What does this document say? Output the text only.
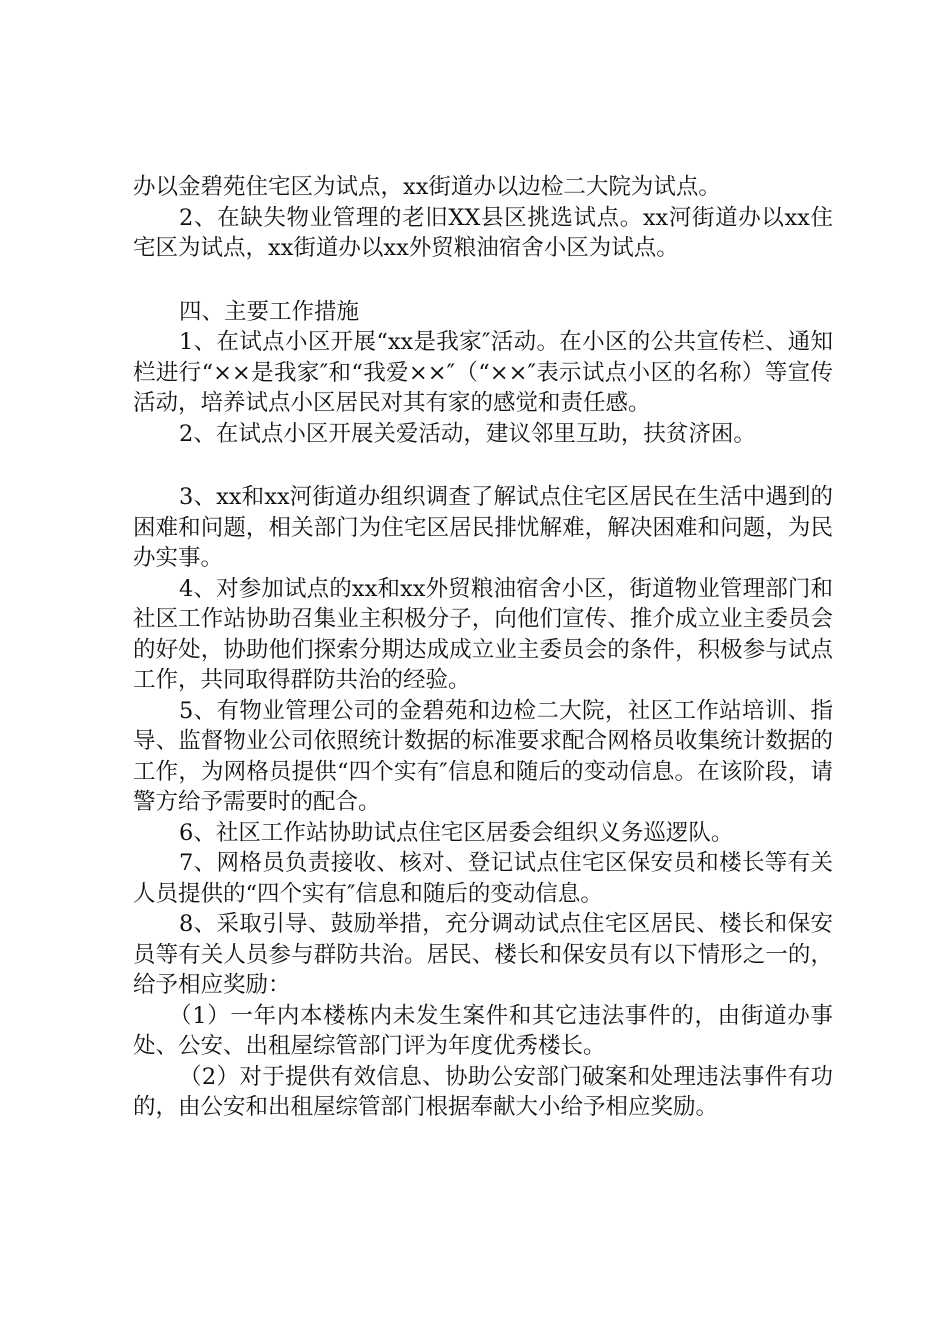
办以金碧苑住宅区为试点，xx街道办以边检二大院为试点。

2、在缺失物业管理的老旧XX县区挑选试点。xx河街道办以xx住宅区为试点，xx街道办以xx外贸粮油宿舍小区为试点。

四、主要工作措施

1、在试点小区开展“xx是我家″活动。在小区的公共宣传栏、通知栏进行“××是我家″和“我爱××″（“××″表示试点小区的名称）等宣传活动，培养试点小区居民对其有家的感觉和责任感。

2、在试点小区开展关爱活动，建议邻里互助，扶贫济困。

3、xx和xx河街道办组织调查了解试点住宅区居民在生活中遇到的困难和问题，相关部门为住宅区居民排忧解难，解决困难和问题，为民办实事。

4、对参加试点的xx和xx外贸粮油宿舍小区，街道物业管理部门和社区工作站协助召集业主积极分子，向他们宣传、推介成立业主委员会的好处，协助他们探索分期达成成立业主委员会的条件，积极参与试点工作，共同取得群防共治的经验。

5、有物业管理公司的金碧苑和边检二大院，社区工作站培训、指导、监督物业公司依照统计数据的标准要求配合网格员收集统计数据的工作，为网格员提供“四个实有″信息和随后的变动信息。在该阶段，请警方给予需要时的配合。

6、社区工作站协助试点住宅区居委会组织义务巡逻队。

7、网格员负责接收、核对、登记试点住宅区保安员和楼长等有关人员提供的“四个实有″信息和随后的变动信息。

8、采取引导、鼓励举措，充分调动试点住宅区居民、楼长和保安员等有关人员参与群防共治。居民、楼长和保安员有以下情形之一的，给予相应奖励：

（1）一年内本楼栋内未发生案件和其它违法事件的，由街道办事处、公安、出租屋综管部门评为年度优秀楼长。

（2）对于提供有效信息、协助公安部门破案和处理违法事件有功的，由公安和出租屋综管部门根据奉献大小给予相应奖励。
